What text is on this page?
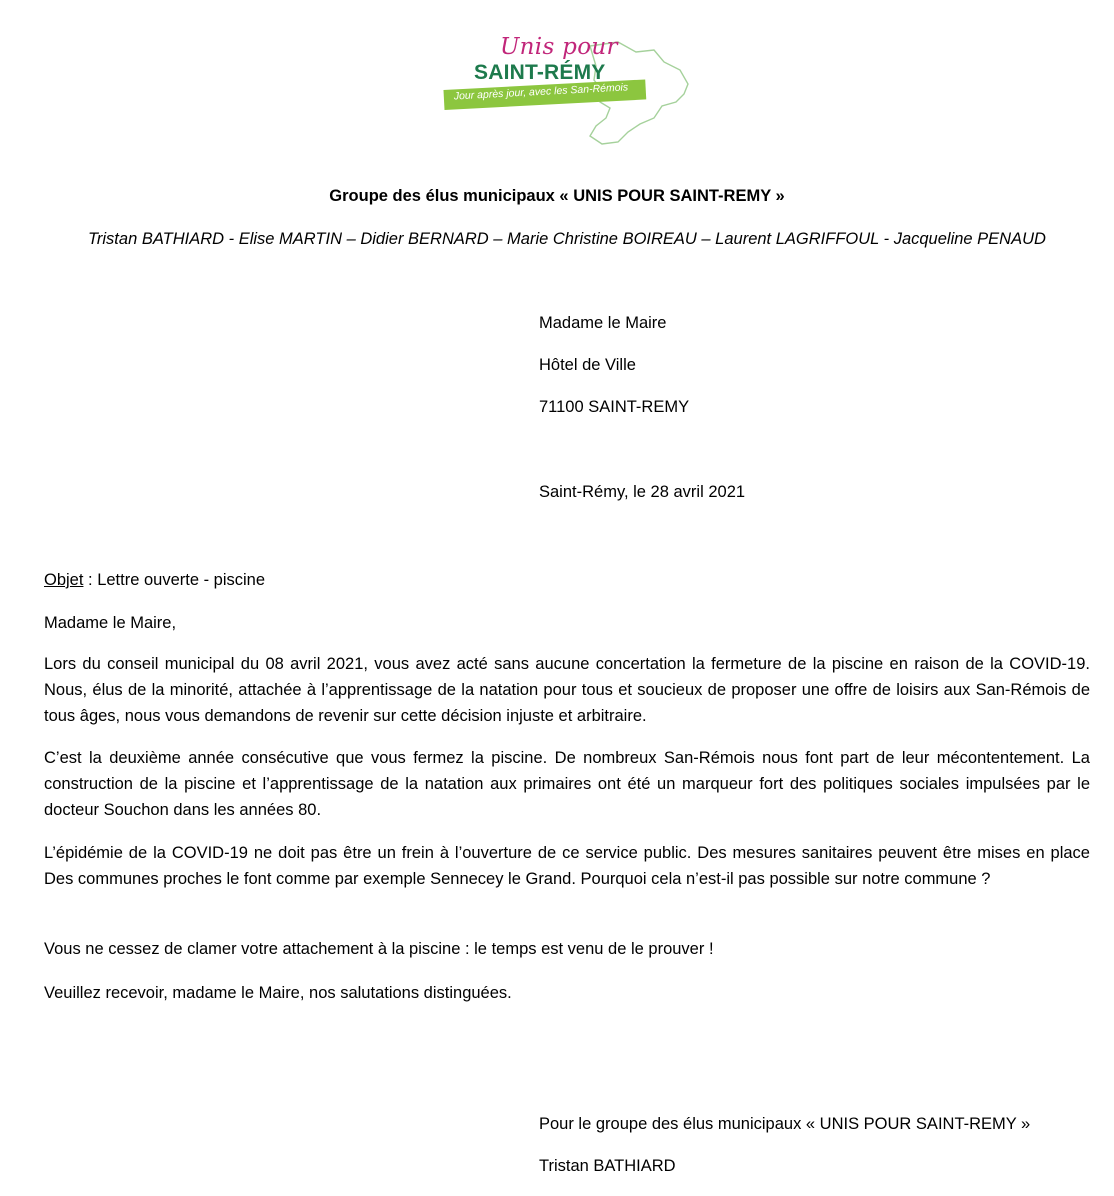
Unis pour
SAINT-RÉMY
Jour après jour, avec les San-Rémois
Groupe des élus municipaux « UNIS POUR SAINT-REMY »
Tristan BATHIARD - Elise MARTIN – Didier BERNARD – Marie Christine BOIREAU – Laurent LAGRIFFOUL - Jacqueline PENAUD
Madame le Maire
Hôtel de Ville
71100 SAINT-REMY
Saint-Rémy, le 28 avril 2021
Objet : Lettre ouverte - piscine
Madame le Maire,
Lors du conseil municipal du 08 avril 2021, vous avez acté sans aucune concertation la fermeture de la piscine en raison de la COVID-19. Nous, élus de la minorité, attachée à l’apprentissage de la natation pour tous et soucieux de proposer une offre de loisirs aux San-Rémois de tous âges, nous vous demandons de revenir sur cette décision injuste et arbitraire.
C’est la deuxième année consécutive que vous fermez la piscine. De nombreux San-Rémois nous font part de leur mécontentement. La construction de la piscine et l’apprentissage de la natation aux primaires ont été un marqueur fort des politiques sociales impulsées par le docteur Souchon dans les années 80.
L’épidémie de la COVID-19 ne doit pas être un frein à l’ouverture de ce service public. Des mesures sanitaires peuvent être mises en place Des communes proches le font comme par exemple Sennecey le Grand. Pourquoi cela n’est-il pas possible sur notre commune ?
Vous ne cessez de clamer votre attachement à la piscine : le temps est venu de le prouver !
Veuillez recevoir, madame le Maire, nos salutations distinguées.
Pour le groupe des élus municipaux « UNIS POUR SAINT-REMY »
Tristan BATHIARD
